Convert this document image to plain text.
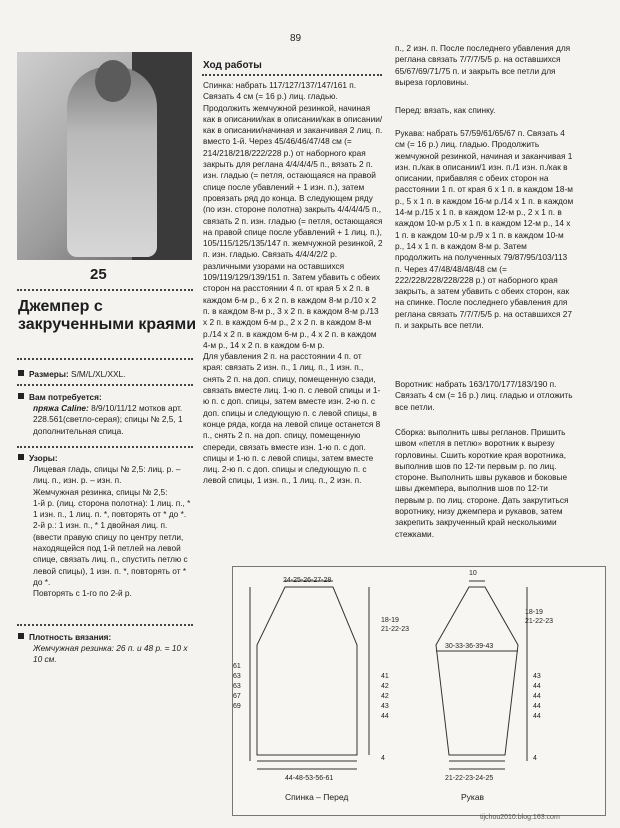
89
25
Джемпер с закрученными краями
Размеры: S/M/L/XL/XXL.
Вам потребуется:
пряжа Caline: 8/9/10/11/12 мотков арт. 228.561(светло-серая); спицы № 2,5, 1 дополнительная спица.
Узоры:
Лицевая гладь, спицы № 2,5: лиц. р. – лиц. п., изн. р. – изн. п.
Жемчужная резинка, спицы № 2,5:
1-й р. (лиц. сторона полотна): 1 лиц. п., * 1 изн. п., 1 лиц. п. *, повторять от * до *.
2-й р.: 1 изн. п., * 1 двойная лиц. п. (ввести правую спицу по центру петли, находящейся под 1-й петлей на левой спице, связать лиц. п., спустить петлю с левой спицы), 1 изн. п. *, повторять от * до *.
Повторять с 1-го по 2-й р.
Плотность вязания:
Жемчужная резинка: 26 п. и 48 р. = 10 х 10 см.
Ход работы
Спинка: набрать 117/127/137/147/161 п. Связать 4 см (= 16 р.) лиц. гладью. Продолжить жемчужной резинкой, начиная как в описании/как в описании/как в описании/как в описании/начиная и заканчивая 2 лиц. п. вместо 1-й. Через 45/46/46/47/48 см (= 214/218/218/222/228 р.) от наборного края закрыть для реглана 4/4/4/4/5 п., вязать 2 п. изн. гладью (= петля, остающаяся на правой спице после убавлений + 1 изн. п.), затем провязать ряд до конца. В следующем ряду (по изн. стороне полотна) закрыть 4/4/4/4/5 п., связать 2 п. изн. гладью (= петля, остающаяся на правой спице после убавлений + 1 лиц. п.), 105/115/125/135/147 п. жемчужной резинкой, 2 п. изн. гладью. Связать 4/4/4/2/2 р. различными узорами на оставшихся 109/119/129/139/151 п. Затем убавить с обеих сторон на расстоянии 4 п. от края 5 х 2 п. в каждом 6-м р., 6 х 2 п. в каждом 8-м р./10 х 2 п. в каждом 8-м р., 3 х 2 п. в каждом 8-м р./13 х 2 п. в каждом 6-м р., 2 х 2 п. в каждом 8-м р./14 х 2 п. в каждом 6-м р., 4 х 2 п. в каждом 4-м р., 14 х 2 п. в каждом 6-м р.
Для убавления 2 п. на расстоянии 4 п. от края: связать 2 изн. п., 1 лиц. п., 1 изн. п., снять 2 п. на доп. спицу, помещенную сзади, связать вместе лиц. 1-ю п. с левой спицы и 1-ю п. с доп. спицы, затем вместе изн. 2-ю п. с доп. спицы и следующую п. с левой спицы, в конце ряда, когда на левой спице останется 8 п., снять 2 п. на доп. спицу, помещенную спереди, связать вместе изн. 1-ю п. с доп. спицы и 1-ю п. с левой спицы, затем вместе лиц. 2-ю п. с доп. спицы и следующую п. с левой спицы, 1 изн. п., 1 лиц. п., 2 изн. п.
п., 2 изн. п. После последнего убавления для реглана связать 7/7/7/5/5 р. на оставшихся 65/67/69/71/75 п. и закрыть все петли для выреза горловины.
Перед: вязать, как спинку.
Рукава: набрать 57/59/61/65/67 п. Связать 4 см (= 16 р.) лиц. гладью. Продолжить жемчужной резинкой, начиная и заканчивая 1 изн. п./как в описании/1 изн. п./1 изн. п./как в описании, прибавляя с обеих сторон на расстоянии 1 п. от края 6 х 1 п. в каждом 18-м р., 5 х 1 п. в каждом 16-м р./14 х 1 п. в каждом 14-м р./15 х 1 п. в каждом 12-м р., 2 х 1 п. в каждом 10-м р./5 х 1 п. в каждом 12-м р., 14 х 1 п. в каждом 10-м р./9 х 1 п. в каждом 10-м р., 14 х 1 п. в каждом 8-м р. Затем продолжить на полученных 79/87/95/103/113 п. Через 47/48/48/48/48 см (= 222/228/228/228/228 р.) от наборного края закрыть, а затем убавить с обеих сторон, как на спинке. После последнего убавления для реглана связать 7/7/7/5/5 р. на оставшихся 27 п. и закрыть все петли.
Воротник: набрать 163/170/177/183/190 п. Связать 4 см (= 16 р.) лиц. гладью и отложить все петли.
Сборка: выполнить швы регланов. Пришить швом «петля в петлю» воротник к вырезу горловины. Сшить короткие края воротника, выполнив шов по 12-ти первым р. по лиц. стороне. Выполнить швы рукавов и боковые швы джемпера, выполнив шов по 12-ти первым р. по лиц. стороне. Дать закрутиться воротнику, низу джемпера и рукавов, затем закрепить закрученный край несколькими стежками.
24-25-26-27-28
18-19
21-22-23
61
63
63
67
69
41
42
42
43
44
4
44-48-53-56-61
Спинка – Перед
10
18-19
21-22-23
30-33-36-39-43
43
44
44
44
44
4
21-22-23-24-25
Рукав
tijchou2010.blog.163.com
